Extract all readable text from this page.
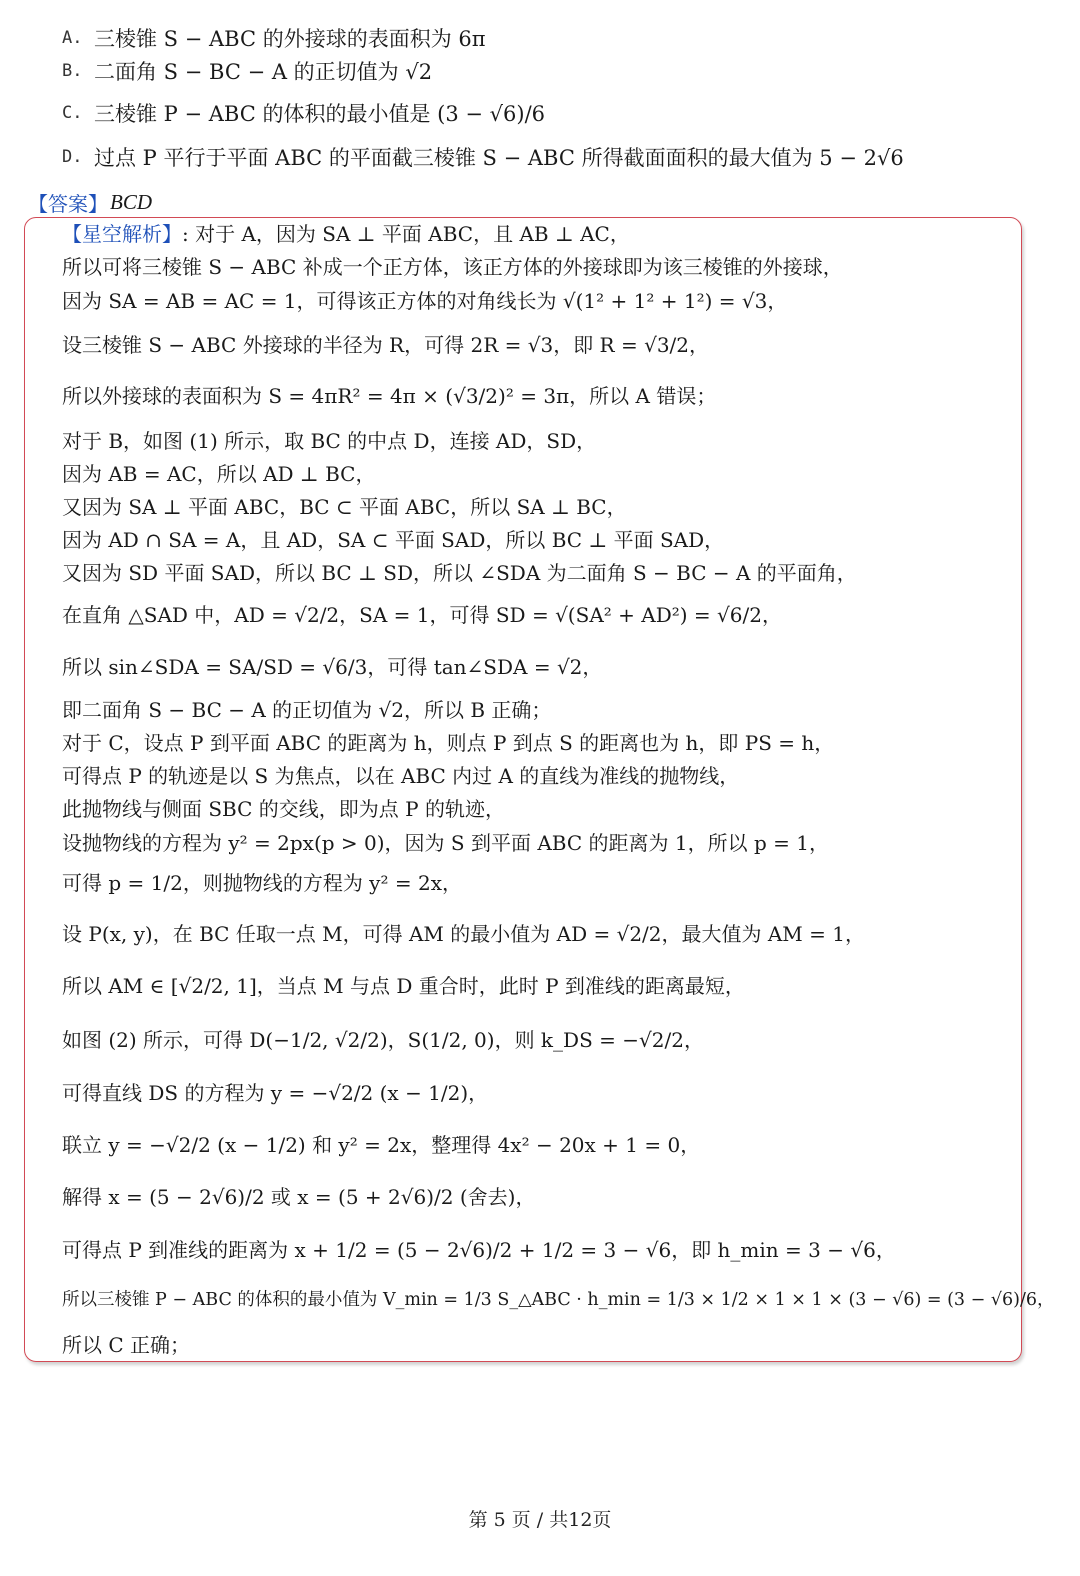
A. 三棱锥 S − ABC 的外接球的表面积为 6π
B. 二面角 S − BC − A 的正切值为 √2
C. 三棱锥 P − ABC 的体积的最小值是 (3 − √6)/6
D. 过点 P 平行于平面 ABC 的平面截三棱锥 S − ABC 所得截面面积的最大值为 5 − 2√6
【答案】 BCD
【星空解析】 : 对于 A，因为 SA ⊥ 平面 ABC，且 AB ⊥ AC，
所以可将三棱锥 S − ABC 补成一个正方体，该正方体的外接球即为该三棱锥的外接球，
因为 SA = AB = AC = 1，可得该正方体的对角线长为 √(1² + 1² + 1²) = √3，
设三棱锥 S − ABC 外接球的半径为 R，可得 2R = √3，即 R = √3/2，
所以外接球的表面积为 S = 4πR² = 4π × (√3/2)² = 3π，所以 A 错误；
对于 B，如图 (1) 所示，取 BC 的中点 D，连接 AD，SD，
因为 AB = AC，所以 AD ⊥ BC，
又因为 SA ⊥ 平面 ABC，BC ⊂ 平面 ABC，所以 SA ⊥ BC，
因为 AD ∩ SA = A，且 AD，SA ⊂ 平面 SAD，所以 BC ⊥ 平面 SAD，
又因为 SD 平面 SAD，所以 BC ⊥ SD，所以 ∠SDA 为二面角 S − BC − A 的平面角，
在直角 △SAD 中，AD = √2/2，SA = 1，可得 SD = √(SA² + AD²) = √6/2，
所以 sin∠SDA = SA/SD = √6/3，可得 tan∠SDA = √2，
即二面角 S − BC − A 的正切值为 √2，所以 B 正确；
对于 C，设点 P 到平面 ABC 的距离为 h，则点 P 到点 S 的距离也为 h，即 PS = h，
可得点 P 的轨迹是以 S 为焦点，以在 ABC 内过 A 的直线为准线的抛物线，
此抛物线与侧面 SBC 的交线，即为点 P 的轨迹，
设抛物线的方程为 y² = 2px(p > 0)，因为 S 到平面 ABC 的距离为 1，所以 p = 1，
可得 p = 1/2，则抛物线的方程为 y² = 2x，
设 P(x, y)，在 BC 任取一点 M，可得 AM 的最小值为 AD = √2/2，最大值为 AM = 1，
所以 AM ∈ [√2/2, 1]，当点 M 与点 D 重合时，此时 P 到准线的距离最短，
如图 (2) 所示，可得 D(−1/2, √2/2)，S(1/2, 0)，则 k_DS = −√2/2，
可得直线 DS 的方程为 y = −√2/2 (x − 1/2)，
联立 y = −√2/2 (x − 1/2) 和 y² = 2x，整理得 4x² − 20x + 1 = 0，
解得 x = (5 − 2√6)/2 或 x = (5 + 2√6)/2 (舍去)，
可得点 P 到准线的距离为 x + 1/2 = (5 − 2√6)/2 + 1/2 = 3 − √6，即 h_min = 3 − √6，
所以三棱锥 P − ABC 的体积的最小值为 V_min = 1/3 S_△ABC · h_min = 1/3 × 1/2 × 1 × 1 × (3 − √6) = (3 − √6)/6，
所以 C 正确；
第 5 页 / 共12页
